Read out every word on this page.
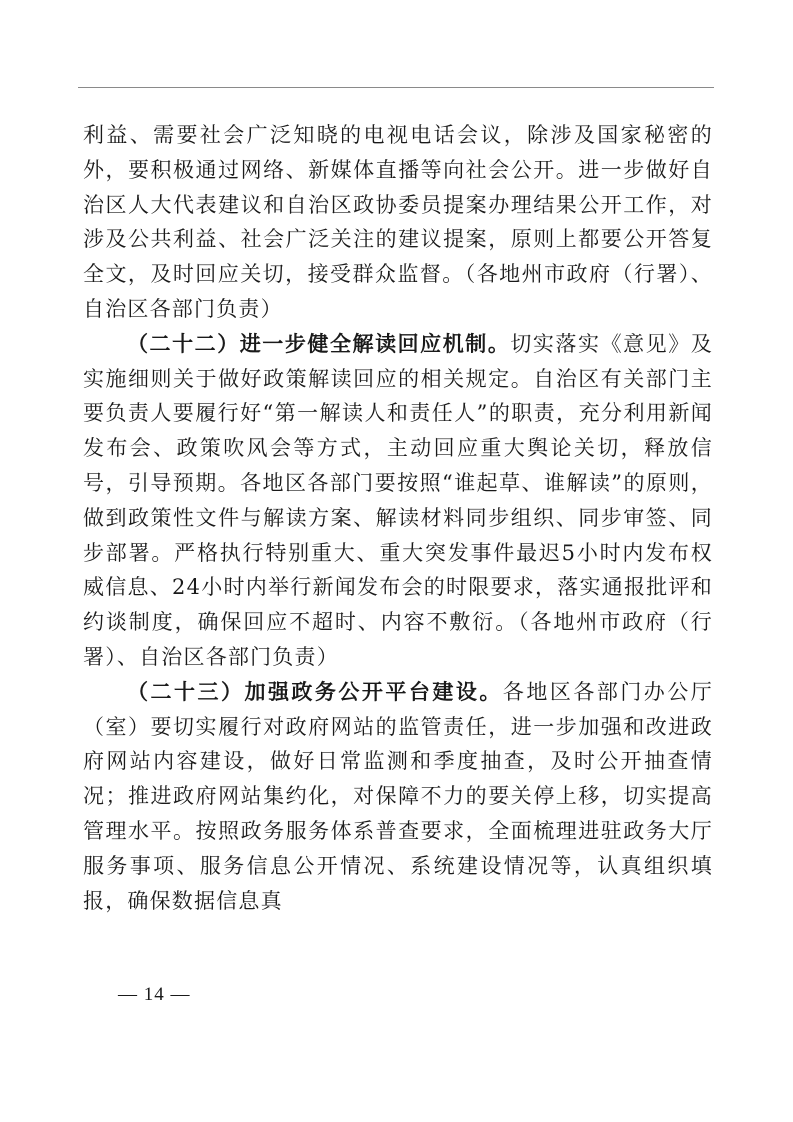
利益、需要社会广泛知晓的电视电话会议，除涉及国家秘密的外，要积极通过网络、新媒体直播等向社会公开。进一步做好自治区人大代表建议和自治区政协委员提案办理结果公开工作，对涉及公共利益、社会广泛关注的建议提案，原则上都要公开答复全文，及时回应关切，接受群众监督。（各地州市政府（行署）、自治区各部门负责）

（二十二）进一步健全解读回应机制。切实落实《意见》及实施细则关于做好政策解读回应的相关规定。自治区有关部门主要负责人要履行好“第一解读人和责任人”的职责，充分利用新闻发布会、政策吹风会等方式，主动回应重大舆论关切，释放信号，引导预期。各地区各部门要按照“谁起草、谁解读”的原则，做到政策性文件与解读方案、解读材料同步组织、同步审签、同步部署。严格执行特别重大、重大突发事件最迟5小时内发布权威信息、24小时内举行新闻发布会的时限要求，落实通报批评和约谈制度，确保回应不超时、内容不敷衍。（各地州市政府（行署）、自治区各部门负责）

（二十三）加强政务公开平台建设。各地区各部门办公厅（室）要切实履行对政府网站的监管责任，进一步加强和改进政府网站内容建设，做好日常监测和季度抽查，及时公开抽查情况；推进政府网站集约化，对保障不力的要关停上移，切实提高管理水平。按照政务服务体系普查要求，全面梳理进驻政务大厅服务事项、服务信息公开情况、系统建设情况等，认真组织填报，确保数据信息真

— 14 —
